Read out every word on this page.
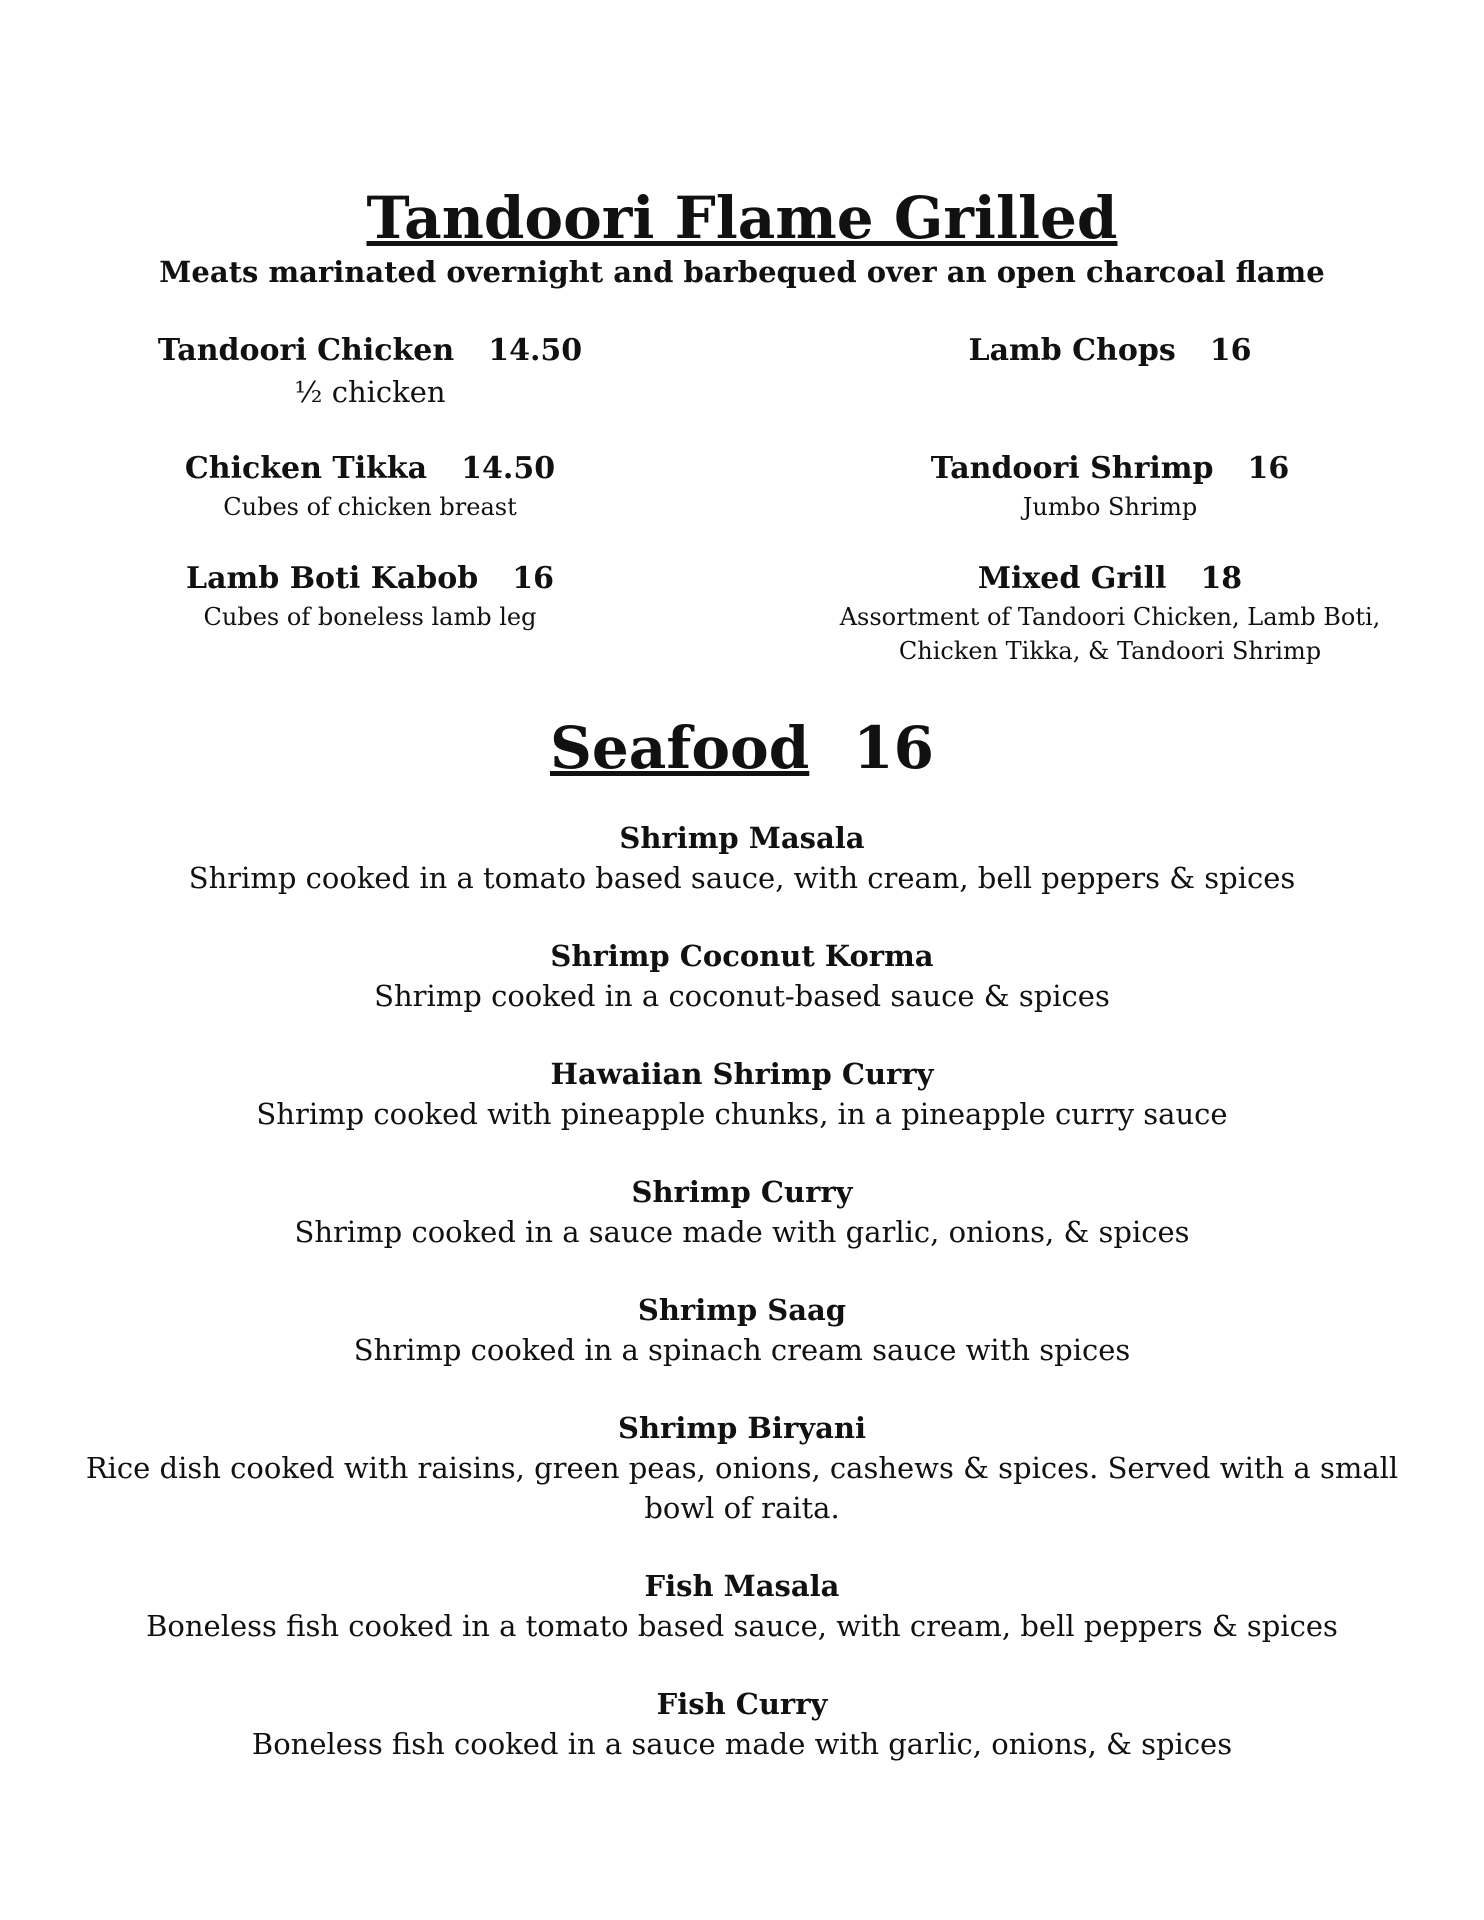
Tandoori Flame Grilled
Meats marinated overnight and barbequed over an open charcoal flame
Tandoori Chicken 14.50
½ chicken
Lamb Chops 16
Chicken Tikka 14.50
Cubes of chicken breast
Tandoori Shrimp 16
Jumbo Shrimp
Lamb Boti Kabob 16
Cubes of boneless lamb leg
Mixed Grill 18
Assortment of Tandoori Chicken, Lamb Boti,
Chicken Tikka, & Tandoori Shrimp
Seafood 16
Shrimp Masala
Shrimp cooked in a tomato based sauce, with cream, bell peppers & spices
Shrimp Coconut Korma
Shrimp cooked in a coconut-based sauce & spices
Hawaiian Shrimp Curry
Shrimp cooked with pineapple chunks, in a pineapple curry sauce
Shrimp Curry
Shrimp cooked in a sauce made with garlic, onions, & spices
Shrimp Saag
Shrimp cooked in a spinach cream sauce with spices
Shrimp Biryani
Rice dish cooked with raisins, green peas, onions, cashews & spices. Served with a small
bowl of raita.
Fish Masala
Boneless fish cooked in a tomato based sauce, with cream, bell peppers & spices
Fish Curry
Boneless fish cooked in a sauce made with garlic, onions, & spices
